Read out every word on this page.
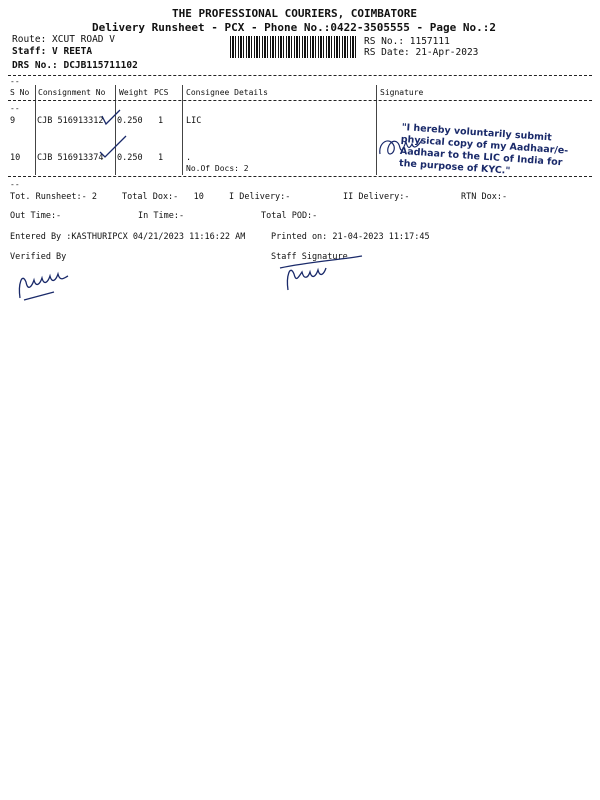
THE PROFESSIONAL COURIERS, COIMBATORE
Delivery Runsheet - PCX - Phone No.:0422-3505555 - Page No.:2
Route: XCUT ROAD V
Staff: V REETA
DRS No.: DCJB115711102
RS No.: 1157111
RS Date: 21-Apr-2023
--
S No Consignment No Weight PCS Consignee Details	Signature
--
9	CJB 516913312 0.250 1	LIC
10 CJB 516913374 0.250 1	.
No.Of Docs: 2
"I hereby voluntarily submit physical copy of my Aadhaar/e-Aadhaar to the LIC of India for the purpose of KYC."
--
Tot. Runsheet:- 2	Total Dox:-   10	I Delivery:-	II Delivery:-	RTN Dox:-
Out Time:-	In Time:-	Total POD:-
Entered By :KASTHURIPCX 04/21/2023 11:16:22 AM	Printed on: 21-04-2023 11:17:45
Verified By	Staff Signature
